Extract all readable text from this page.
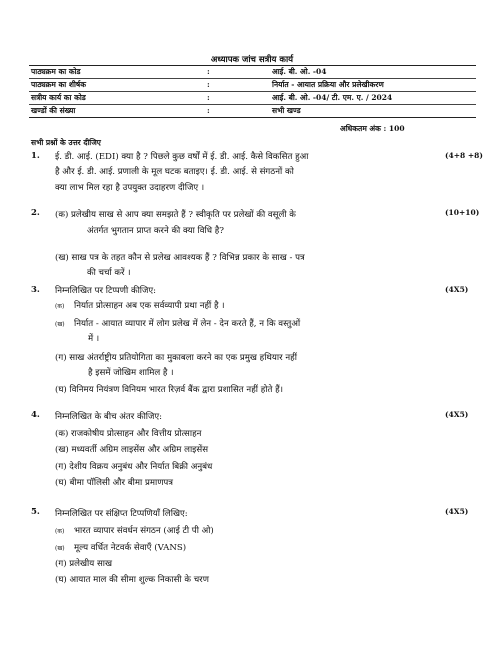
अध्यापक जांच सत्रीय कार्य
पाठ्यक्रम का कोड	:	आई. बी. ओ. -04
पाठ्यक्रम का शीर्षक	:	निर्यात - आयात प्रक्रिया और प्रलेखीकरण
सत्रीय कार्य का कोड	:	आई. बी. ओ. -04/ टी. एम. ए. / 2024
खण्डों की संख्या	:	सभी खण्ड
अधिकतम अंक : 100
सभी प्रश्नों के उत्तर दीजिए
1.	(4+8 +8)
ई. डी. आई. (EDI) क्या है ? पिछले कुछ वर्षों में ई. डी. आई. कैसे विकसित हुआ
है और ई. डी. आई. प्रणाली के मूल घटक बताइए। ई. डी. आई. से संगठनों को
क्या लाभ मिल रहा है उपयुक्त उदाहरण दीजिए ।
2.	(10+10)
(क) प्रलेखीय साख से आप क्या समझते हैं ? स्वीकृति पर प्रलेखों की वसूली के
अंतर्गत भुगतान प्राप्त करने की क्या विधि है?
(ख) साख पत्र के तहत कौन से प्रलेख आवश्यक हैं ? विभिन्न प्रकार के साख - पत्र
की चर्चा करें ।
3.	(4X5)
निम्नलिखित पर टिप्पणी कीजिए:
(क) निर्यात प्रोत्साहन अब एक सर्वव्यापी प्रथा नहीं है ।
(ख) निर्यात - आयात व्यापार में लोग प्रलेख में लेन - देन करते हैं, न कि वस्तुओं
में ।
(ग) साख अंतर्राष्ट्रीय प्रतियोगिता का मुकाबला करने का एक प्रमुख हथियार नहीं
है इसमें जोखिम शामिल है ।
(घ) विनिमय नियंत्रण विनियम भारत रिज़र्व बैंक द्वारा प्रशासित नहीं होते हैं।
4.	(4X5)
निम्नलिखित के बीच अंतर कीजिए:
(क) राजकोषीय प्रोत्साहन और वित्तीय प्रोत्साहन
(ख) मध्यवर्ती अग्रिम लाइसेंस और अग्रिम लाइसेंस
(ग) देशीय विक्रय अनुबंध और निर्यात बिक्री अनुबंध
(घ) बीमा पॉलिसी और बीमा प्रमाणपत्र
5.	(4X5)
निम्नलिखित पर संक्षिप्त टिप्पणियाँ लिखिए:
(क) भारत व्यापार संवर्धन संगठन (आई टी पी ओ)
(ख) मूल्य वर्धित नेटवर्क सेवाएँ (VANS)
(ग) प्रलेखीय साख
(घ) आयात माल की सीमा शुल्क निकासी के चरण
